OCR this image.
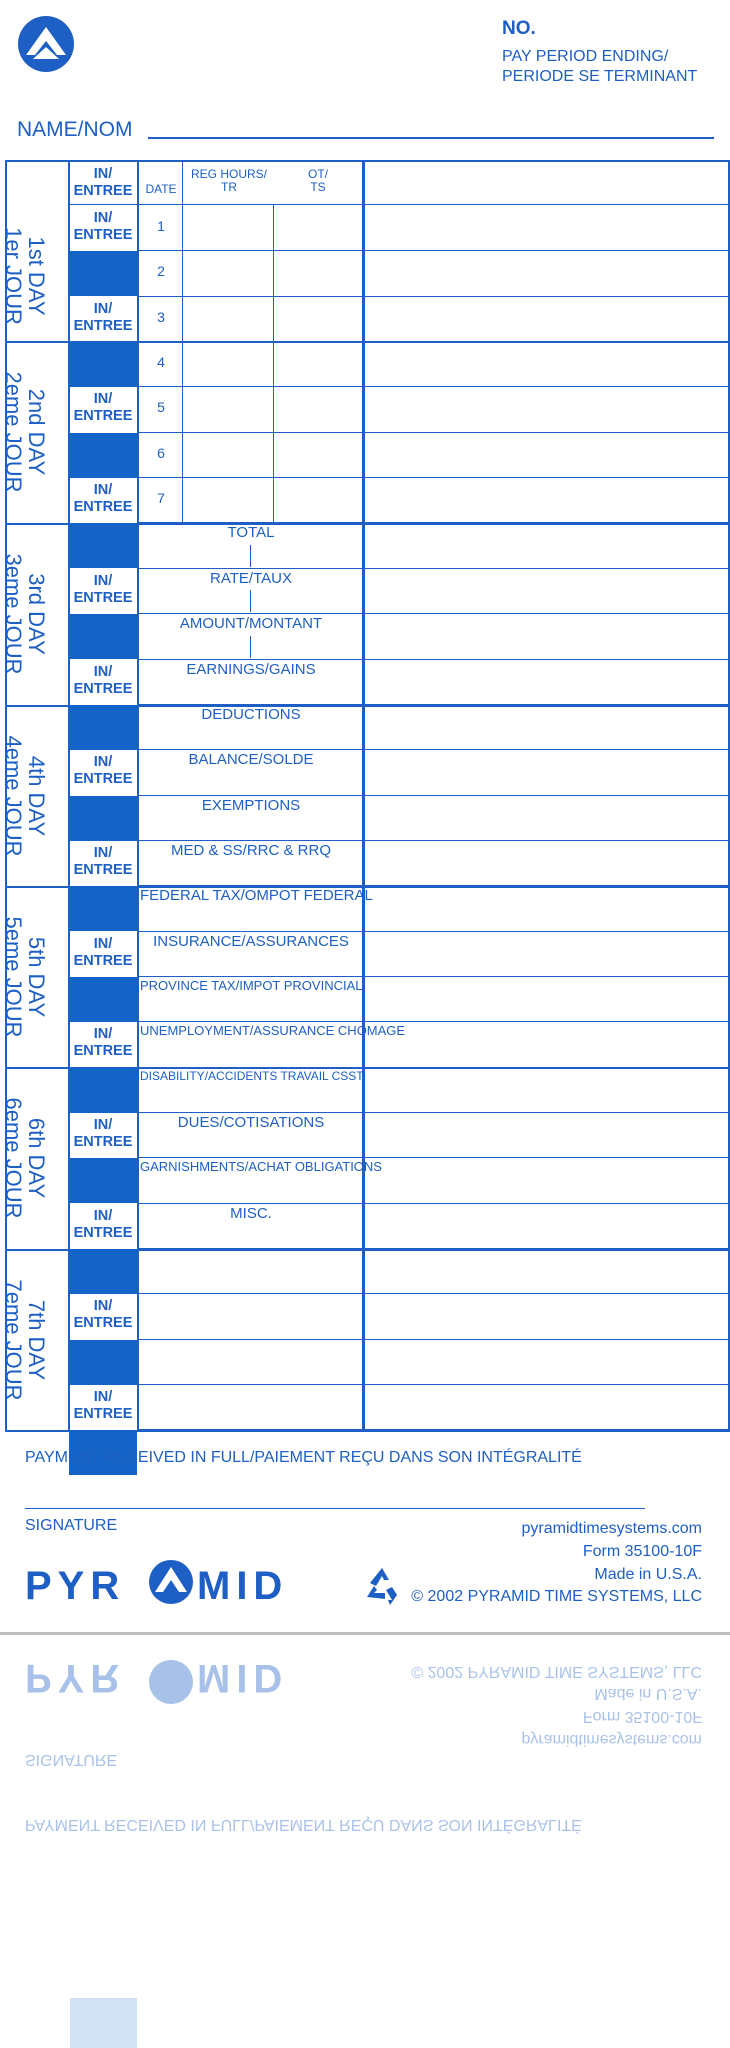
NO.
PAY PERIOD ENDING/
PERIODE SE TERMINANT
NAME/NOM
IN/
ENTREE	DATE
REG HOURS/
TR
OT/
TS
IN/
ENTREE
1
2
IN/
ENTREE
3
4
IN/
ENTREE
5
6
IN/
ENTREE
7
TOTAL
IN/
ENTREE
RATE/TAUX
AMOUNT/MONTANT
IN/
ENTREE
EARNINGS/GAINS
DEDUCTIONS
IN/
ENTREE
BALANCE/SOLDE
EXEMPTIONS
IN/
ENTREE
MED & SS/RRC & RRQ
FEDERAL TAX/OMPOT FEDERAL
IN/
ENTREE
INSURANCE/ASSURANCES
PROVINCE TAX/IMPOT PROVINCIAL
IN/
ENTREE
UNEMPLOYMENT/ASSURANCE CHOMAGE
DISABILITY/ACCIDENTS TRAVAIL CSST
IN/
ENTREE
DUES/COTISATIONS
GARNISHMENTS/ACHAT OBLIGATIONS
IN/
ENTREE
MISC.
IN/
ENTREE
IN/
ENTREE
1st DAY
1er JOUR
2nd DAY
2eme JOUR
3rd DAY
3eme JOUR
4th DAY
4eme JOUR
5th DAY
5eme JOUR
6th DAY
6eme JOUR
7th DAY
7eme JOUR
PAYMENT RECEIVED IN FULL/PAIEMENT REÇU DANS SON INTÉGRALITÉ
SIGNATURE
PYR MID
pyramidtimesystems.com
Form 35100-10F
Made in U.S.A.
© 2002 PYRAMID TIME SYSTEMS, LLC
PAYMENT RECEIVED IN FULL/PAIEMENT REÇU DANS SON INTÉGRALITÉ
SIGNATURE
PYR MID
pyramidtimesystems.com
Form 35100-10F
Made in U.S.A.
© 2002 PYRAMID TIME SYSTEMS, LLC
